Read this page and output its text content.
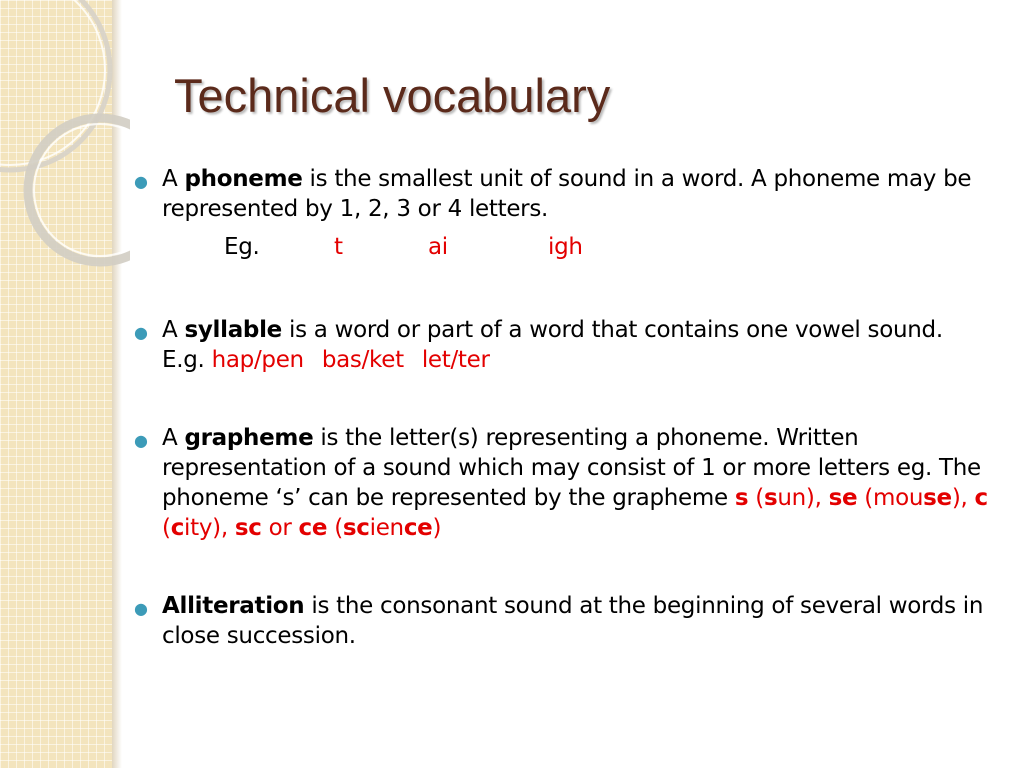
Technical vocabulary
● A phoneme is the smallest unit of sound in a word. A phoneme may be represented by 1, 2, 3 or 4 letters.
Eg.	t	ai	igh
● A syllable is a word or part of a word that contains one vowel sound. E.g. hap/pen bas/ket let/ter
● A grapheme is the letter(s) representing a phoneme. Written representation of a sound which may consist of 1 or more letters eg. The phoneme ‘s’ can be represented by the grapheme s (sun), se (mouse), c (city), sc or ce (science)
● Alliteration is the consonant sound at the beginning of several words in close succession.
